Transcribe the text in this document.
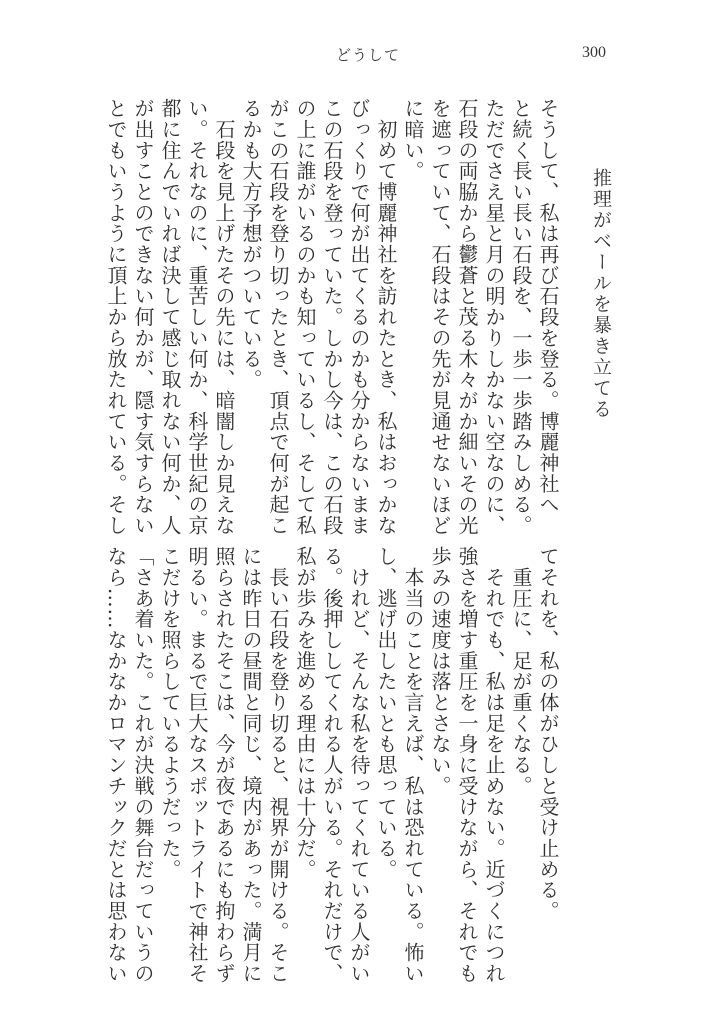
どうして	300
推理がベールを暴き立てる
そうして、私は再び石段を登る。博麗神社へ
と続く長い長い石段を、一歩一歩踏みしめる。
ただでさえ星と月の明かりしかない空なのに、
石段の両脇から鬱蒼と茂る木々がか細いその光
を遮っていて、石段はその先が見通せないほど
に暗い。
　初めて博麗神社を訪れたとき、私はおっかな
びっくりで何が出てくるのかも分からないまま
この石段を登っていた。しかし今は、この石段
の上に誰がいるのかも知っているし、そして私
がこの石段を登り切ったとき、頂点で何が起こ
るかも大方予想がついている。
　石段を見上げたその先には、暗闇しか見えな
い。それなのに、重苦しい何か、科学世紀の京
都に住んでいれば決して感じ取れない何か、人
が出すことのできない何かが、隠す気すらない
とでもいうように頂上から放たれている。そし
てそれを、私の体がひしと受け止める。
　重圧に、足が重くなる。
　それでも、私は足を止めない。近づくにつれ
強さを増す重圧を一身に受けながら、それでも
歩みの速度は落とさない。
　本当のことを言えば、私は恐れている。怖い
し、逃げ出したいとも思っている。
　けれど、そんな私を待ってくれている人がい
る。後押ししてくれる人がいる。それだけで、
私が歩みを進める理由には十分だ。
　長い石段を登り切ると、視界が開ける。そこ
には昨日の昼間と同じ、境内があった。満月に
照らされたそこは、今が夜であるにも拘わらず
明るい。まるで巨大なスポットライトで神社そ
こだけを照らしているようだった。
「さあ着いた。これが決戦の舞台だっていうの
なら……なかなかロマンチックだとは思わない
